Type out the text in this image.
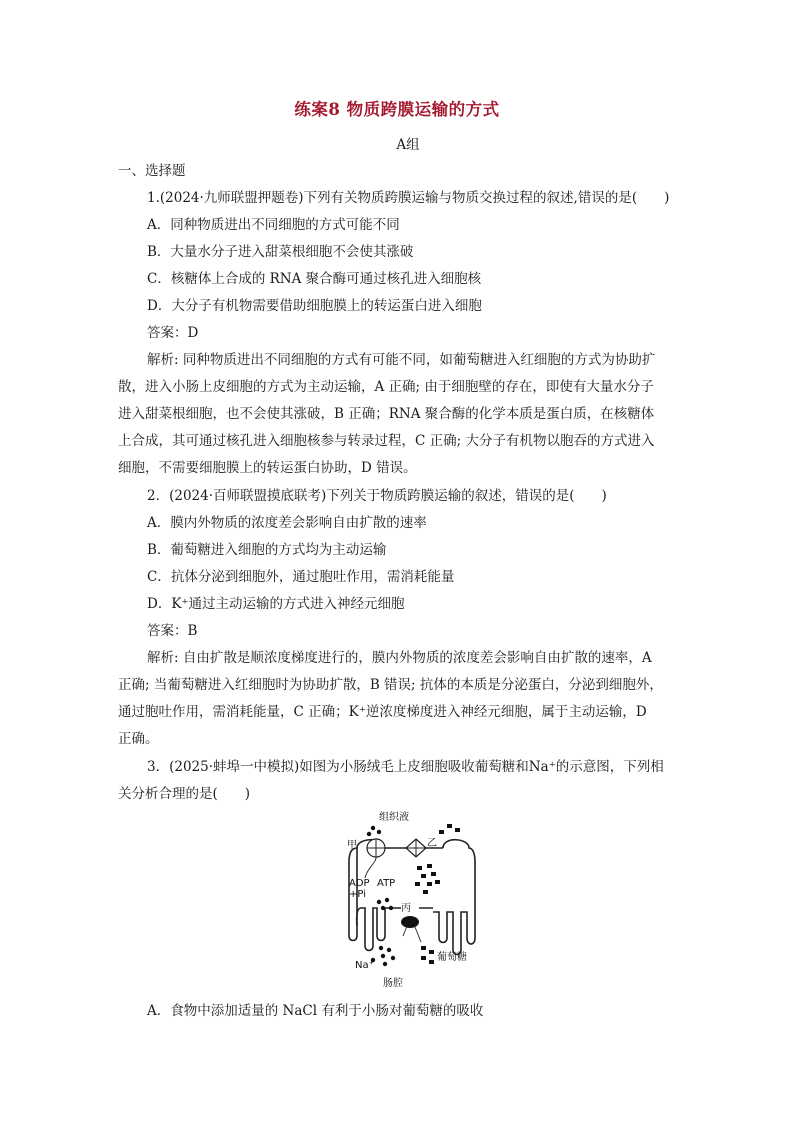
练案8 物质跨膜运输的方式
A组
一、选择题
1.(2024·九师联盟押题卷)下列有关物质跨膜运输与物质交换过程的叙述,错误的是(　　)
A．同种物质进出不同细胞的方式可能不同
B．大量水分子进入甜菜根细胞不会使其涨破
C．核糖体上合成的 RNA 聚合酶可通过核孔进入细胞核
D．大分子有机物需要借助细胞膜上的转运蛋白进入细胞
答案：D
解析: 同种物质进出不同细胞的方式有可能不同，如葡萄糖进入红细胞的方式为协助扩
散，进入小肠上皮细胞的方式为主动运输，A 正确; 由于细胞壁的存在，即使有大量水分子
进入甜菜根细胞，也不会使其涨破，B 正确；RNA 聚合酶的化学本质是蛋白质，在核糖体
上合成，其可通过核孔进入细胞核参与转录过程，C 正确; 大分子有机物以胞吞的方式进入
细胞，不需要细胞膜上的转运蛋白协助，D 错误。
2．(2024·百师联盟摸底联考)下列关于物质跨膜运输的叙述，错误的是(　　)
A．膜内外物质的浓度差会影响自由扩散的速率
B．葡萄糖进入细胞的方式均为主动运输
C．抗体分泌到细胞外，通过胞吐作用，需消耗能量
D．K⁺通过主动运输的方式进入神经元细胞
答案：B
解析: 自由扩散是顺浓度梯度进行的，膜内外物质的浓度差会影响自由扩散的速率，A
正确; 当葡萄糖进入红细胞时为协助扩散，B 错误; 抗体的本质是分泌蛋白，分泌到细胞外，
通过胞吐作用，需消耗能量，C 正确；K⁺逆浓度梯度进入神经元细胞，属于主动运输，D
正确。
3．(2025·蚌埠一中模拟)如图为小肠绒毛上皮细胞吸收葡萄糖和Na⁺的示意图，下列相
关分析合理的是(　　)
组织液
甲	乙
ADP ATP
+Pi
丙
葡萄糖
Na⁺
肠腔
A．食物中添加适量的 NaCl 有利于小肠对葡萄糖的吸收
